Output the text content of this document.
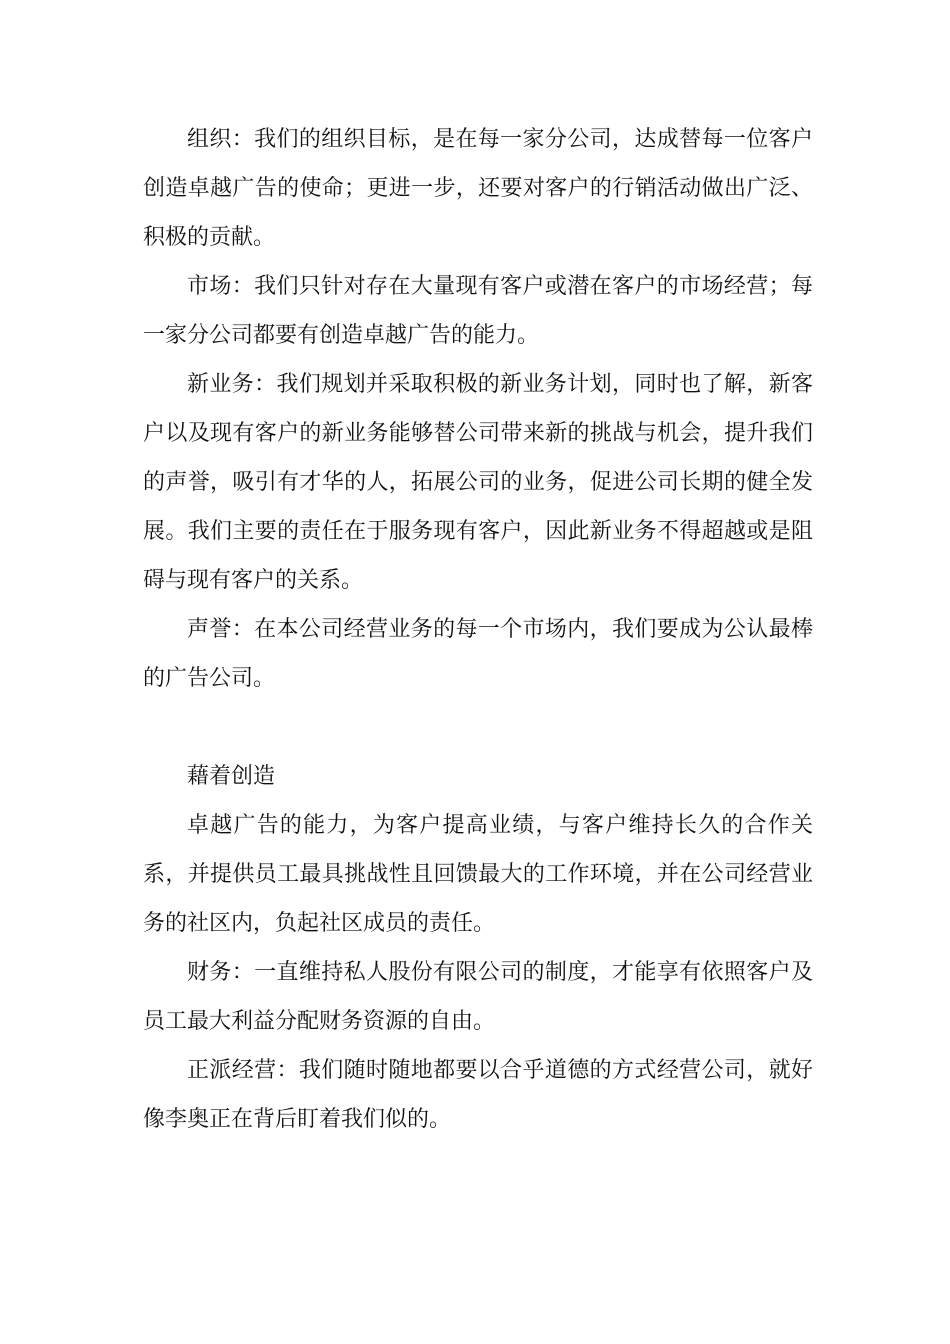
组织：我们的组织目标，是在每一家分公司，达成替每一位客户创造卓越广告的使命；更进一步，还要对客户的行销活动做出广泛、积极的贡献。

市场：我们只针对存在大量现有客户或潜在客户的市场经营；每一家分公司都要有创造卓越广告的能力。

新业务：我们规划并采取积极的新业务计划，同时也了解，新客户以及现有客户的新业务能够替公司带来新的挑战与机会，提升我们的声誉，吸引有才华的人，拓展公司的业务，促进公司长期的健全发展。我们主要的责任在于服务现有客户，因此新业务不得超越或是阻碍与现有客户的关系。

声誉：在本公司经营业务的每一个市场内，我们要成为公认最棒的广告公司。

藉着创造

卓越广告的能力，为客户提高业绩，与客户维持长久的合作关系，并提供员工最具挑战性且回馈最大的工作环境，并在公司经营业务的社区内，负起社区成员的责任。

财务：一直维持私人股份有限公司的制度，才能享有依照客户及员工最大利益分配财务资源的自由。

正派经营：我们随时随地都要以合乎道德的方式经营公司，就好像李奥正在背后盯着我们似的。
